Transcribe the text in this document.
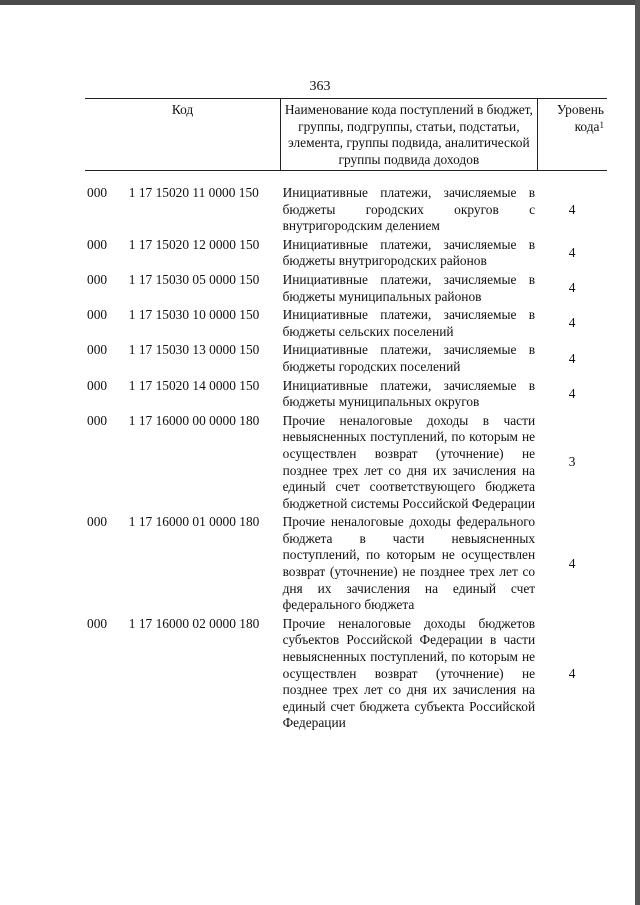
363
Код		Наименование кода поступлений в бюджет, группы, подгруппы, статьи, подстатьи, элемента, группы подвида, аналитической группы подвида доходов	Уровень кода$^1$

000	1 17 15020 11 0000 150	Инициативные платежи, зачисляемые в бюджеты городских округов с внутригородским делением	4
000	1 17 15020 12 0000 150	Инициативные платежи, зачисляемые в бюджеты внутригородских районов	4
000	1 17 15030 05 0000 150	Инициативные платежи, зачисляемые в бюджеты муниципальных районов	4
000	1 17 15030 10 0000 150	Инициативные платежи, зачисляемые в бюджеты сельских поселений	4
000	1 17 15030 13 0000 150	Инициативные платежи, зачисляемые в бюджеты городских поселений	4
000	1 17 15020 14 0000 150	Инициативные платежи, зачисляемые в бюджеты муниципальных округов	4
000	1 17 16000 00 0000 180	Прочие неналоговые доходы в части невыясненных поступлений, по которым не осуществлен возврат (уточнение) не позднее трех лет со дня их зачисления на единый счет соответствующего бюджета бюджетной системы Российской Федерации	3
000	1 17 16000 01 0000 180	Прочие неналоговые доходы федерального бюджета в части невыясненных поступлений, по которым не осуществлен возврат (уточнение) не позднее трех лет со дня их зачисления на единый счет федерального бюджета	4
000	1 17 16000 02 0000 180	Прочие неналоговые доходы бюджетов субъектов Российской Федерации в части невыясненных поступлений, по которым не осуществлен возврат (уточнение) не позднее трех лет со дня их зачисления на единый счет бюджета субъекта Российской Федерации	4
